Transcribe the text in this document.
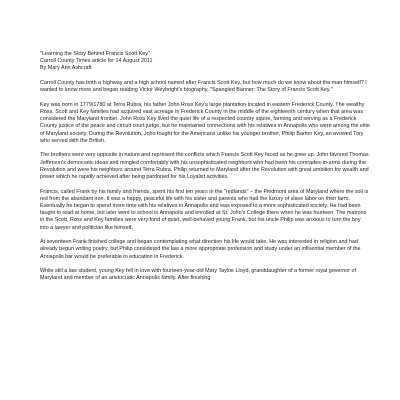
"Learning the Story Behind Francis Scott Key"

Carroll County Times article for 14 August 2011

By Mary Ann Ashcraft

Carroll County has both a highway and a high school named after Francis Scott Key, but how much do we know about the man himself? I wanted to know more and began reading Victor Weybright's biography, "Spangled Banner: The Story of Francis Scott Key."

Key was born in 1779/1780 at Terra Rubra, his father John Ross Key's large plantation located in eastern Frederick County. The wealthy Ross, Scott and Key families had acquired vast acreage in Frederick County in the middle of the eighteenth century when that area was considered the Maryland frontier. John Ross Key lived the quiet life of a respected country squire, farming and serving as a Frederick County justice of the peace and circuit court judge, but he maintained connections with his relatives in Annapolis who were among the elite of Maryland society. During the Revolution, John fought for the Americans unlike his younger brother, Philip Barton Key, an avowed Tory who served with the British.

The brothers were very opposite in nature and represent the conflicts which Francis Scott Key faced as he grew up. John favored Thomas Jefferson's democratic ideas and mingled comfortably with his unsophisticated neighbors who had been his comrades-in-arms during the Revolution and were his neighbors around Terra Rubra. Philip returned to Maryland after the Revolution with great ambition for wealth and power which he rapidly achieved after being pardoned for his Loyalist activities.

Francis, called Frank by his family and friends, spent his first ten years in the "redlands" – the Piedmont area of Maryland where the soil is red from the abundant iron. It was a happy, peaceful life with his sister and parents who had the luxury of slave labor on their farm. Eventually he began to spend more time with his relatives in Annapolis and was exposed to a more sophisticated society. He had been taught to read at home, but later went to school in Annapolis and enrolled at St. John's College there when he was fourteen. The matrons in the Scott, Ross and Key families were very fond of quiet, well-behaved young Frank, but his uncle Philip was anxious to turn the boy into a lawyer and politician like himself.

At seventeen Frank finished college and began contemplating what direction his life would take. He was interested in religion and had already begun writing poetry, but Philip considered the law a more appropriate profession and study under an influential member of the Annapolis bar would be preferable to education in Frederick.

While still a law student, young Key fell in love with fourteen-year-old Mary Tayloe Lloyd, granddaughter of a former royal governor of Maryland and member of an aristocratic Annapolis family. After finishing
